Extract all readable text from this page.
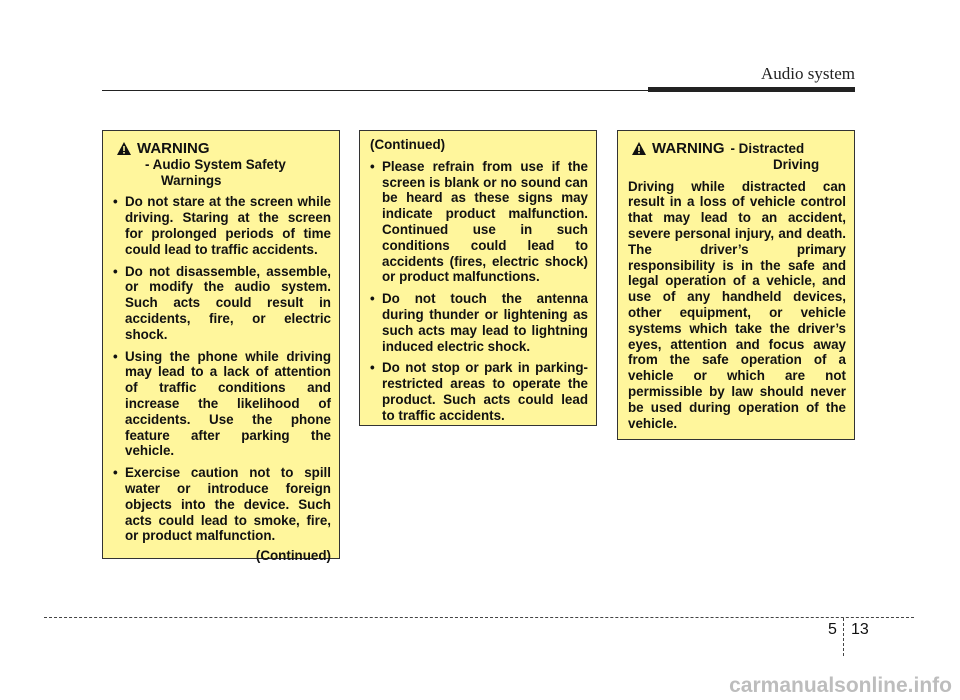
Audio system
WARNING
- Audio System Safety
Warnings
• Do not stare at the screen while driving. Staring at the screen for prolonged periods of time could lead to traffic accidents.
• Do not disassemble, assemble, or modify the audio system. Such acts could result in accidents, fire, or electric shock.
• Using the phone while driving may lead to a lack of attention of traffic conditions and increase the likelihood of accidents. Use the phone feature after parking the vehicle.
• Exercise caution not to spill water or introduce foreign objects into the device. Such acts could lead to smoke, fire, or product malfunction.
(Continued)
(Continued)
• Please refrain from use if the screen is blank or no sound can be heard as these signs may indicate product malfunction. Continued use in such conditions could lead to accidents (fires, electric shock) or product malfunctions.
• Do not touch the antenna during thunder or lightening as such acts may lead to lightning induced electric shock.
• Do not stop or park in parking-restricted areas to operate the product. Such acts could lead to traffic accidents.
WARNING - Distracted
Driving
Driving while distracted can result in a loss of vehicle control that may lead to an accident, severe personal injury, and death. The driver’s primary responsibility is in the safe and legal operation of a vehicle, and use of any handheld devices, other equipment, or vehicle systems which take the driver’s eyes, attention and focus away from the safe operation of a vehicle or which are not permissible by law should never be used during operation of the vehicle.
5 13
carmanualsonline.info
